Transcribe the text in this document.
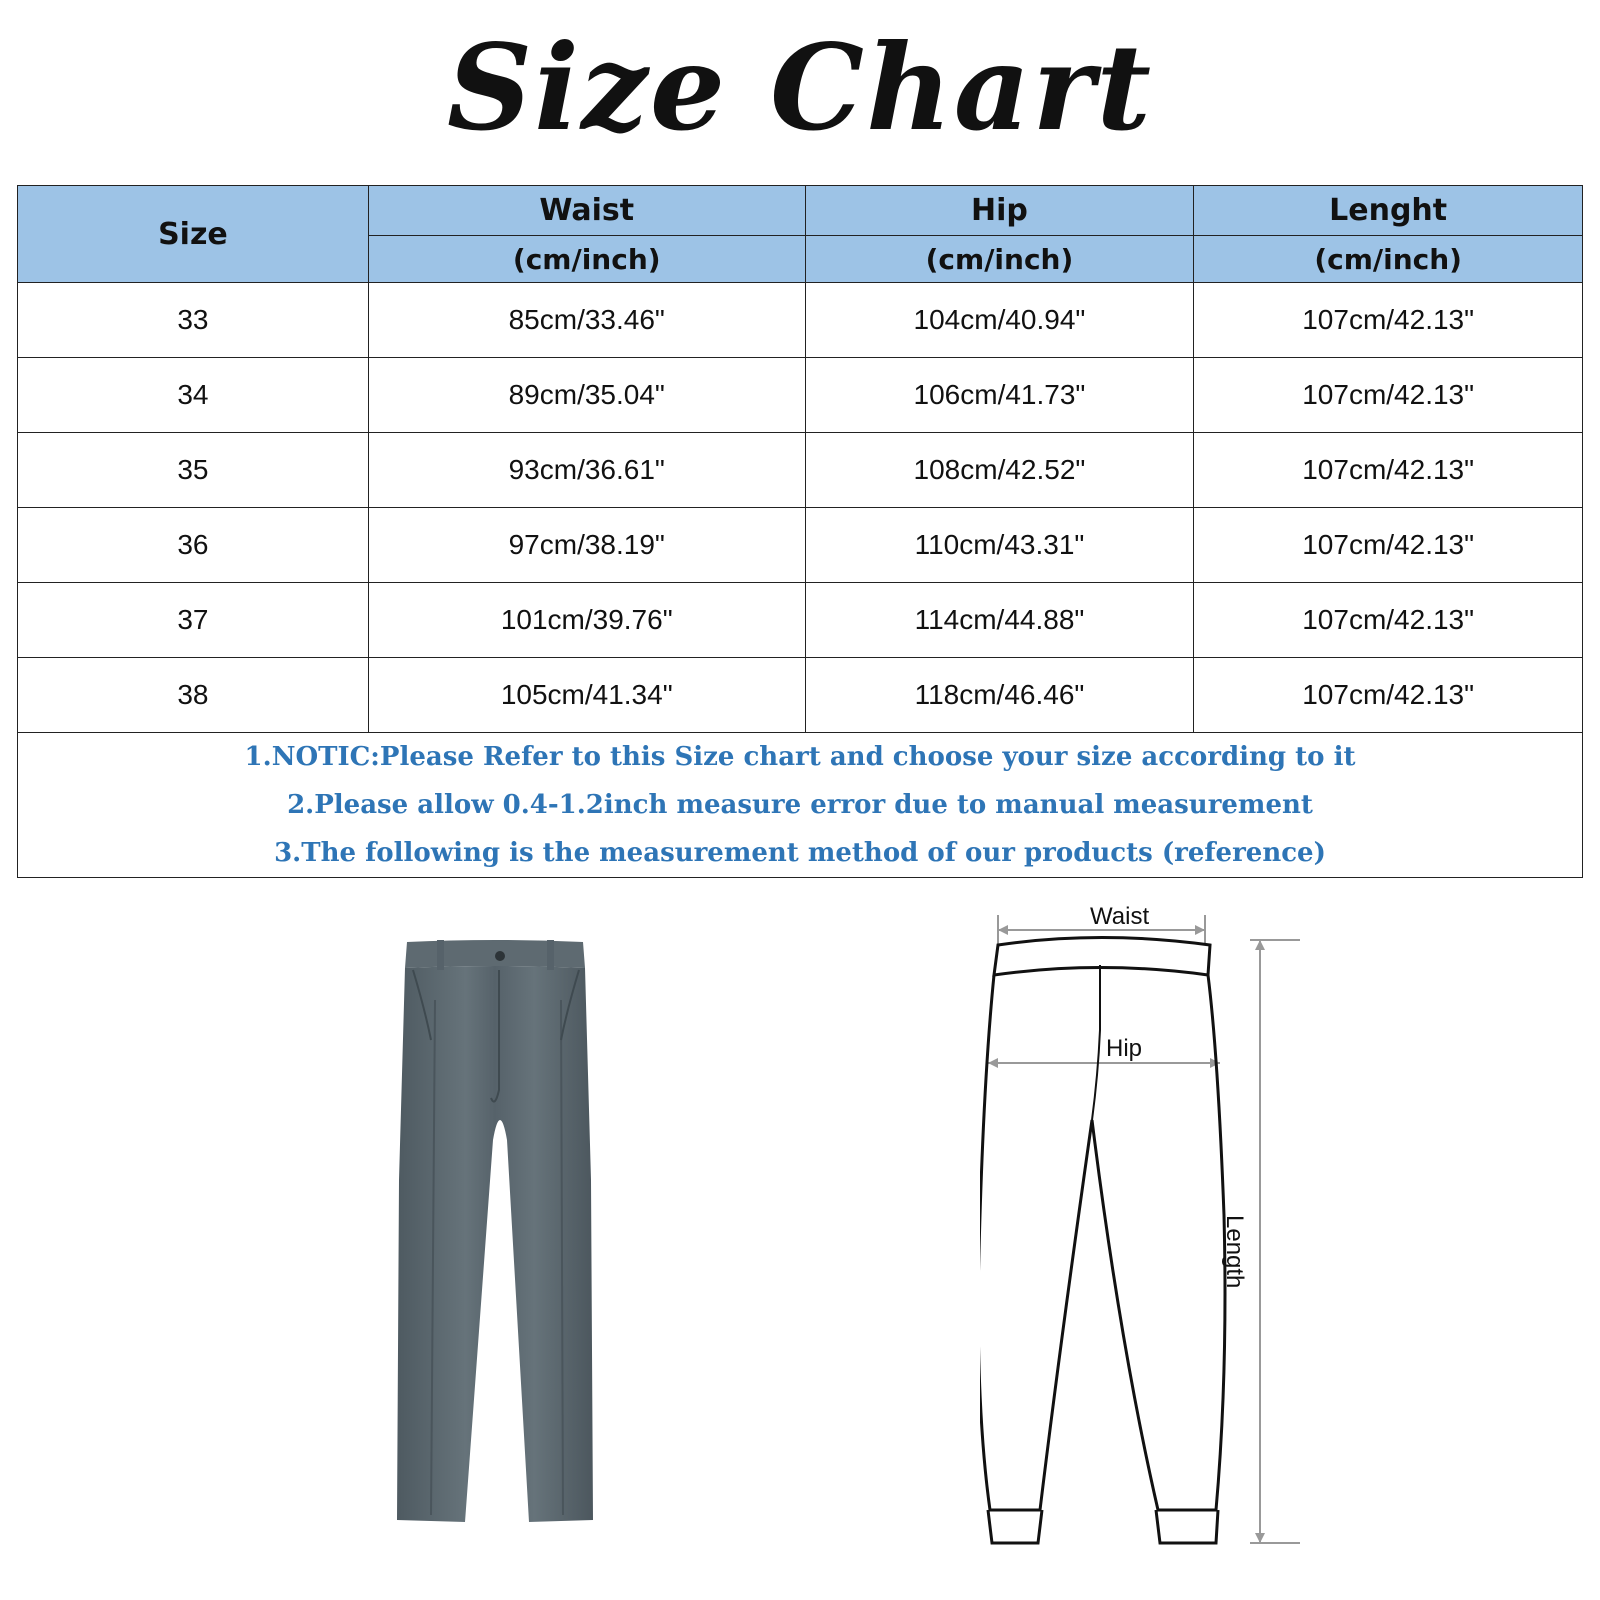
Size Chart
Size	Waist	Hip	Lenght
	(cm/inch)	(cm/inch)	(cm/inch)
33	85cm/33.46"	104cm/40.94"	107cm/42.13"
34	89cm/35.04"	106cm/41.73"	107cm/42.13"
35	93cm/36.61"	108cm/42.52"	107cm/42.13"
36	97cm/38.19"	110cm/43.31"	107cm/42.13"
37	101cm/39.76"	114cm/44.88"	107cm/42.13"
38	105cm/41.34"	118cm/46.46"	107cm/42.13"

1.NOTIC:Please Refer to this Size chart and choose your size according to it
2.Please allow 0.4-1.2inch measure error due to manual measurement
3.The following is the measurement method of our products (reference)			
Waist
Hip
Length
